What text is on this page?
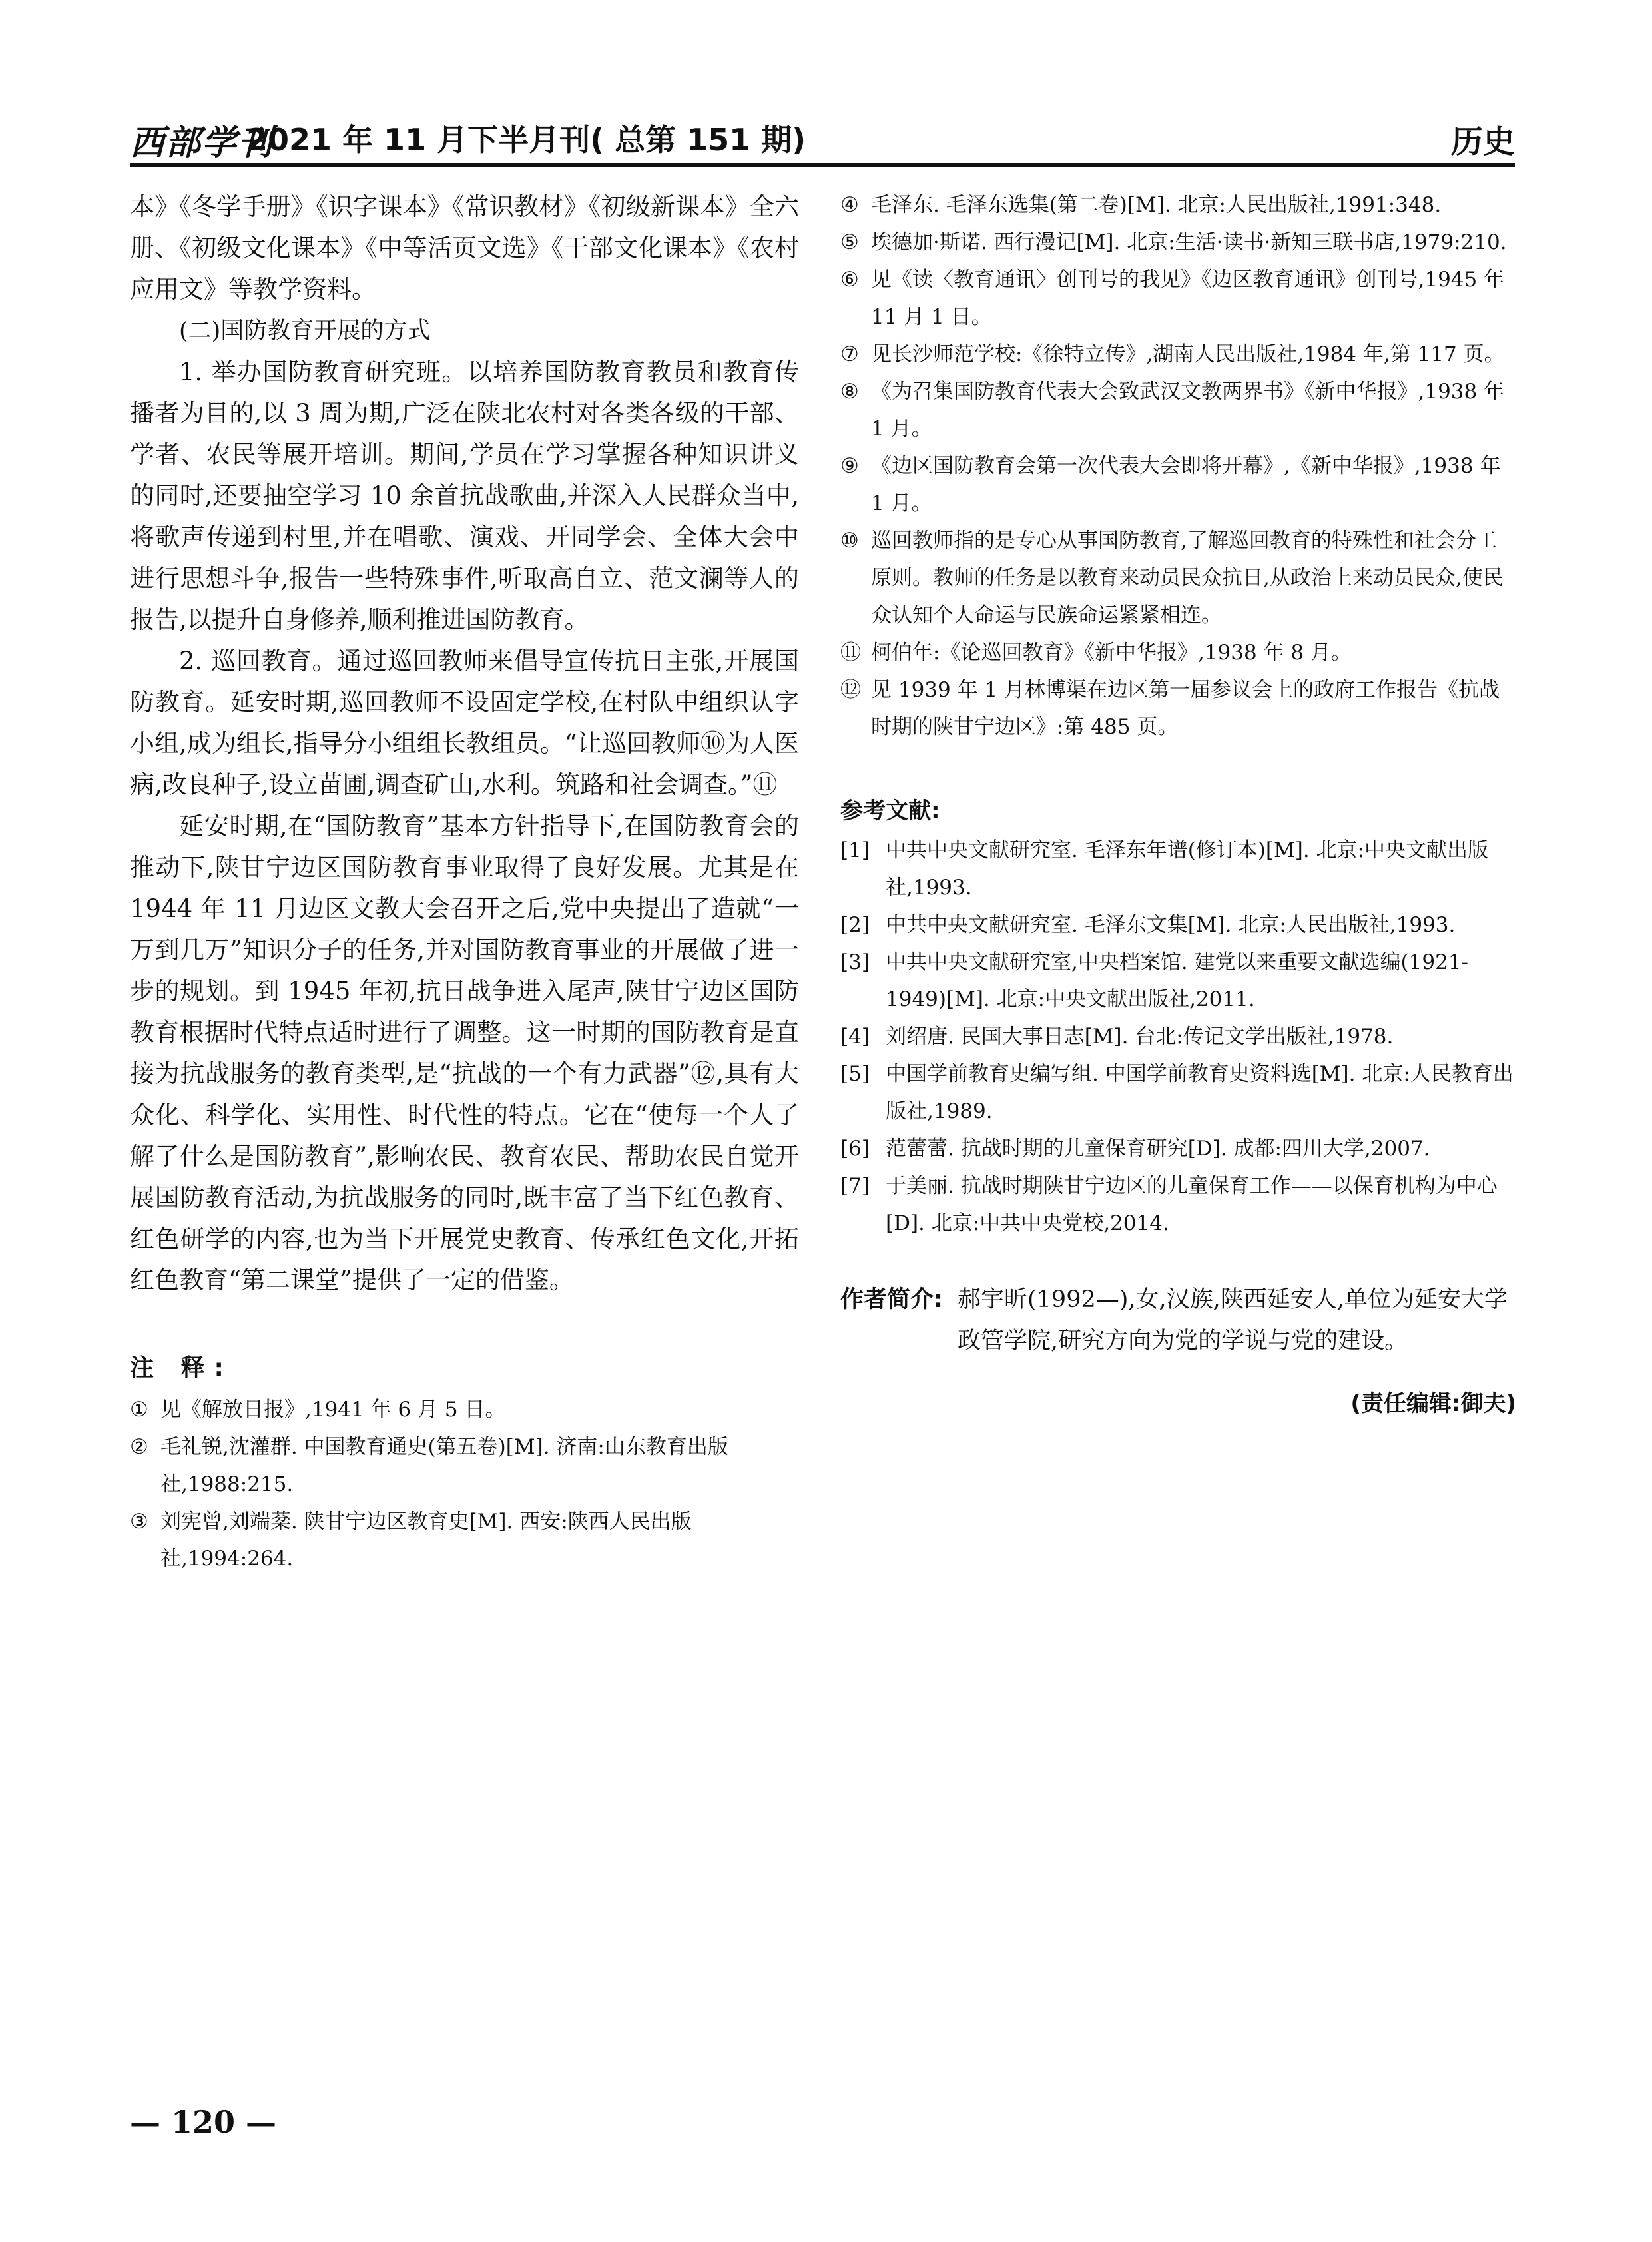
西部学刊
2021 年 11 月下半月刊( 总第 151 期)	历史

本》《冬学手册》《识字课本》《常识教材》《初级新课本》全六册、《初级文化课本》《中等活页文选》《干部文化课本》《农村应用文》等教学资料。

(二)国防教育开展的方式

1. 举办国防教育研究班。以培养国防教育教员和教育传播者为目的,以 3 周为期,广泛在陕北农村对各类各级的干部、学者、农民等展开培训。期间,学员在学习掌握各种知识讲义的同时,还要抽空学习 10 余首抗战歌曲,并深入人民群众当中,将歌声传递到村里,并在唱歌、演戏、开同学会、全体大会中进行思想斗争,报告一些特殊事件,听取高自立、范文澜等人的报告,以提升自身修养,顺利推进国防教育。

2. 巡回教育。通过巡回教师来倡导宣传抗日主张,开展国防教育。延安时期,巡回教师不设固定学校,在村队中组织认字小组,成为组长,指导分小组组长教组员。“让巡回教师⑩为人医病,改良种子,设立苗圃,调查矿山,水利。筑路和社会调查。”⑪

延安时期,在“国防教育”基本方针指导下,在国防教育会的推动下,陕甘宁边区国防教育事业取得了良好发展。尤其是在 1944 年 11 月边区文教大会召开之后,党中央提出了造就“一万到几万”知识分子的任务,并对国防教育事业的开展做了进一步的规划。到 1945 年初,抗日战争进入尾声,陕甘宁边区国防教育根据时代特点适时进行了调整。这一时期的国防教育是直接为抗战服务的教育类型,是“抗战的一个有力武器”⑫,具有大众化、科学化、实用性、时代性的特点。它在“使每一个人了解了什么是国防教育”,影响农民、教育农民、帮助农民自觉开展国防教育活动,为抗战服务的同时,既丰富了当下红色教育、红色研学的内容,也为当下开展党史教育、传承红色文化,开拓红色教育“第二课堂”提供了一定的借鉴。

注 释:

① 见《解放日报》,1941 年 6 月 5 日。

② 毛礼锐,沈灌群. 中国教育通史(第五卷)[M]. 济南:山东教育出版社,1988:215.

③ 刘宪曾,刘端棻. 陕甘宁边区教育史[M]. 西安:陕西人民出版社,1994:264.

④ 毛泽东. 毛泽东选集(第二卷)[M]. 北京:人民出版社,1991:348.

⑤ 埃德加·斯诺. 西行漫记[M]. 北京:生活·读书·新知三联书店,1979:210.

⑥ 见《读〈教育通讯〉创刊号的我见》《边区教育通讯》创刊号,1945 年 11 月 1 日。

⑦ 见长沙师范学校:《徐特立传》,湖南人民出版社,1984 年,第 117 页。

⑧ 《为召集国防教育代表大会致武汉文教两界书》《新中华报》,1938 年 1 月。

⑨ 《边区国防教育会第一次代表大会即将开幕》,《新中华报》,1938 年 1 月。

⑩ 巡回教师指的是专心从事国防教育,了解巡回教育的特殊性和社会分工原则。教师的任务是以教育来动员民众抗日,从政治上来动员民众,使民众认知个人命运与民族命运紧紧相连。

⑪ 柯伯年:《论巡回教育》《新中华报》,1938 年 8 月。

⑫ 见 1939 年 1 月林博渠在边区第一届参议会上的政府工作报告《抗战时期的陕甘宁边区》:第 485 页。

参考文献:

[1] 中共中央文献研究室. 毛泽东年谱(修订本)[M]. 北京:中央文献出版社,1993.

[2] 中共中央文献研究室. 毛泽东文集[M]. 北京:人民出版社,1993.

[3] 中共中央文献研究室,中央档案馆. 建党以来重要文献选编(1921-1949)[M]. 北京:中央文献出版社,2011.

[4] 刘绍唐. 民国大事日志[M]. 台北:传记文学出版社,1978.

[5] 中国学前教育史编写组. 中国学前教育史资料选[M]. 北京:人民教育出版社,1989.

[6] 范蕾蕾. 抗战时期的儿童保育研究[D]. 成都:四川大学,2007.

[7] 于美丽. 抗战时期陕甘宁边区的儿童保育工作——以保育机构为中心[D]. 北京:中共中央党校,2014.

作者简介: 郝宇昕(1992—),女,汉族,陕西延安人,单位为延安大学政管学院,研究方向为党的学说与党的建设。

(责任编辑:御夫)
— 120 —
